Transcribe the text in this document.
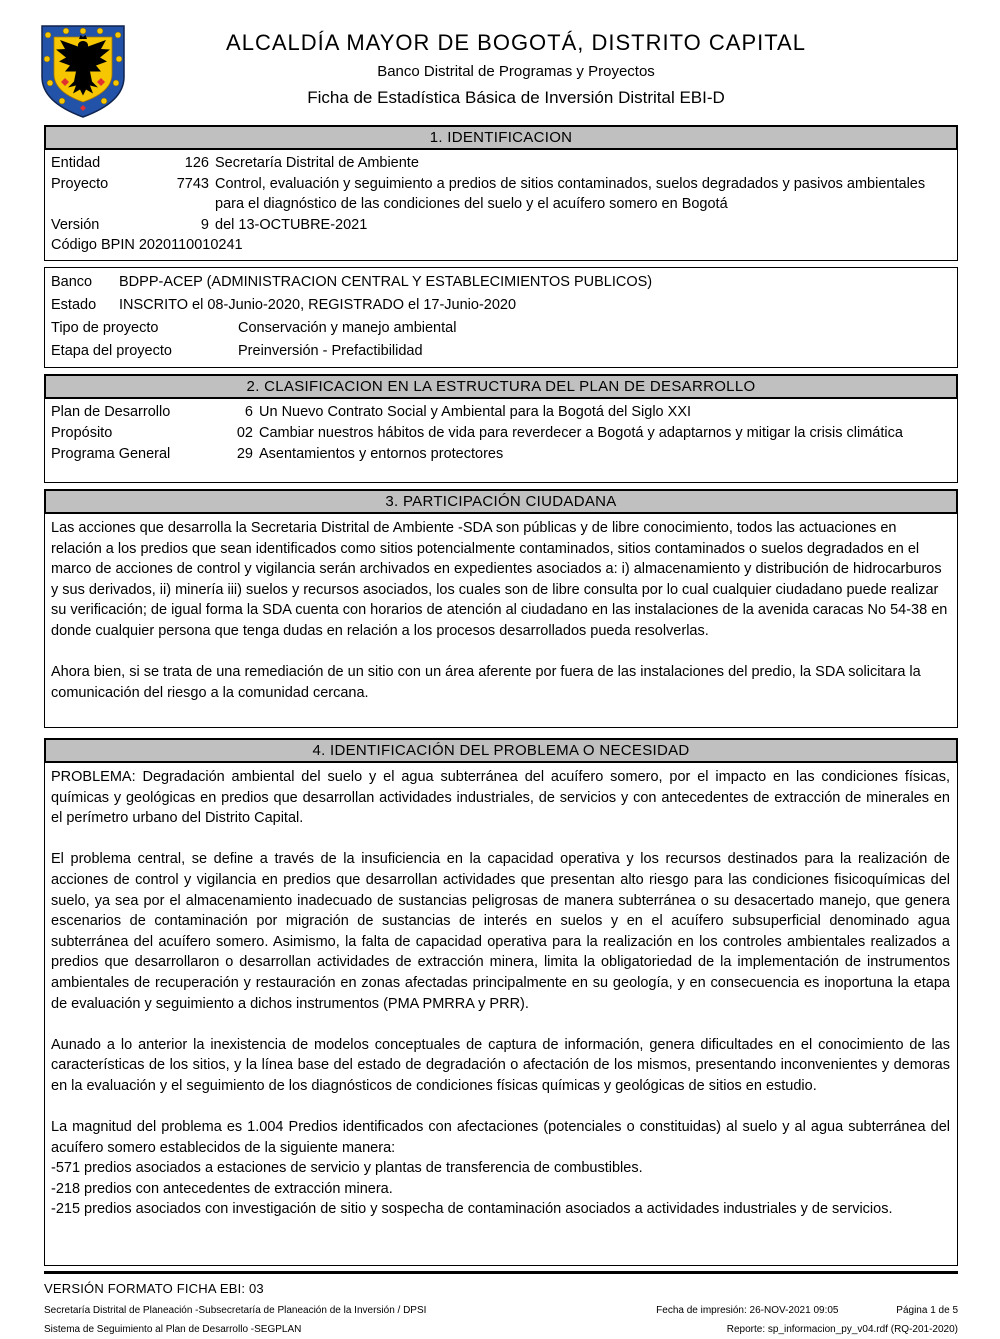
ALCALDÍA MAYOR DE BOGOTÁ, DISTRITO CAPITAL
Banco Distrital de Programas y Proyectos
Ficha de Estadística Básica de Inversión Distrital EBI-D
1. IDENTIFICACION
Entidad	126 Secretaría Distrital de Ambiente
Proyecto	7743 Control, evaluación y seguimiento a predios de sitios contaminados, suelos degradados y pasivos ambientales para el diagnóstico de las condiciones del suelo y el acuífero somero en Bogotá
Versión	9 del 13-OCTUBRE-2021
Código BPIN 2020110010241
Banco	BDPP-ACEP (ADMINISTRACION CENTRAL Y ESTABLECIMIENTOS PUBLICOS)
Estado	INSCRITO el 08-Junio-2020, REGISTRADO el 17-Junio-2020
Tipo de proyecto	Conservación y manejo ambiental
Etapa del proyecto	Preinversión - Prefactibilidad
2. CLASIFICACION EN LA ESTRUCTURA DEL PLAN DE DESARROLLO
Plan de Desarrollo	6 Un Nuevo Contrato Social y Ambiental para la Bogotá del Siglo XXI
Propósito	02 Cambiar nuestros hábitos de vida para reverdecer a Bogotá y adaptarnos y mitigar la crisis climática
Programa General	29 Asentamientos y entornos protectores
3. PARTICIPACIÓN CIUDADANA

Las acciones que desarrolla la Secretaria Distrital de Ambiente -SDA son públicas y de libre conocimiento, todos las actuaciones en relación a los predios que sean identificados como sitios potencialmente contaminados, sitios contaminados o suelos degradados en el marco de acciones de control y vigilancia serán archivados en expedientes asociados a: i) almacenamiento y distribución de hidrocarburos y sus derivados, ii) minería iii) suelos y recursos asociados, los cuales son de libre consulta por lo cual cualquier ciudadano puede realizar su verificación; de igual forma la SDA cuenta con horarios de atención al ciudadano en las instalaciones de la avenida caracas No 54-38 en donde cualquier persona que tenga dudas en relación a los procesos desarrollados pueda resolverlas.

Ahora bien, si se trata de una remediación de un sitio con un área aferente por fuera de las instalaciones del predio, la SDA solicitara la comunicación del riesgo a la comunidad cercana.

4. IDENTIFICACIÓN DEL PROBLEMA O NECESIDAD

PROBLEMA: Degradación ambiental del suelo y el agua subterránea del acuífero somero, por el impacto en las condiciones físicas, químicas y geológicas en predios que desarrollan actividades industriales, de servicios y con antecedentes de extracción de minerales en el perímetro urbano del Distrito Capital.

El problema central, se define a través de la insuficiencia en la capacidad operativa y los recursos destinados para la realización de acciones de control y vigilancia en predios que desarrollan actividades que presentan alto riesgo para las condiciones fisicoquímicas del suelo, ya sea por el almacenamiento inadecuado de sustancias peligrosas de manera subterránea o su desacertado manejo, que genera escenarios de contaminación por migración de sustancias de interés en suelos y en el acuífero subsuperficial denominado agua subterránea del acuífero somero. Asimismo, la falta de capacidad operativa para la realización en los controles ambientales realizados a predios que desarrollaron o desarrollan actividades de extracción minera, limita la obligatoriedad de la implementación de instrumentos ambientales de recuperación y restauración en zonas afectadas principalmente en su geología, y en consecuencia es inoportuna la etapa de evaluación y seguimiento a dichos instrumentos (PMA PMRRA y PRR).

Aunado a lo anterior la inexistencia de modelos conceptuales de captura de información, genera dificultades en el conocimiento de las características de los sitios, y la línea base del estado de degradación o afectación de los mismos, presentando inconvenientes y demoras en la evaluación y el seguimiento de los diagnósticos de condiciones físicas químicas y geológicas de sitios en estudio.

La magnitud del problema es 1.004 Predios identificados con afectaciones (potenciales o constituidas) al suelo y al agua subterránea del acuífero somero establecidos de la siguiente manera:
-571 predios asociados a estaciones de servicio y plantas de transferencia de combustibles.
-218 predios con antecedentes de extracción minera.
-215 predios asociados con investigación de sitio y sospecha de contaminación asociados a actividades industriales y de servicios.
VERSIÓN FORMATO FICHA EBI: 03
Secretaría Distrital de Planeación -Subsecretaría de Planeación de la Inversión / DPSI
Sistema de Seguimiento al Plan de Desarrollo -SEGPLAN
Fecha de impresión: 26-NOV-2021 09:05	Página 1 de 5
Reporte: sp_informacion_py_v04.rdf (RQ-201-2020)
